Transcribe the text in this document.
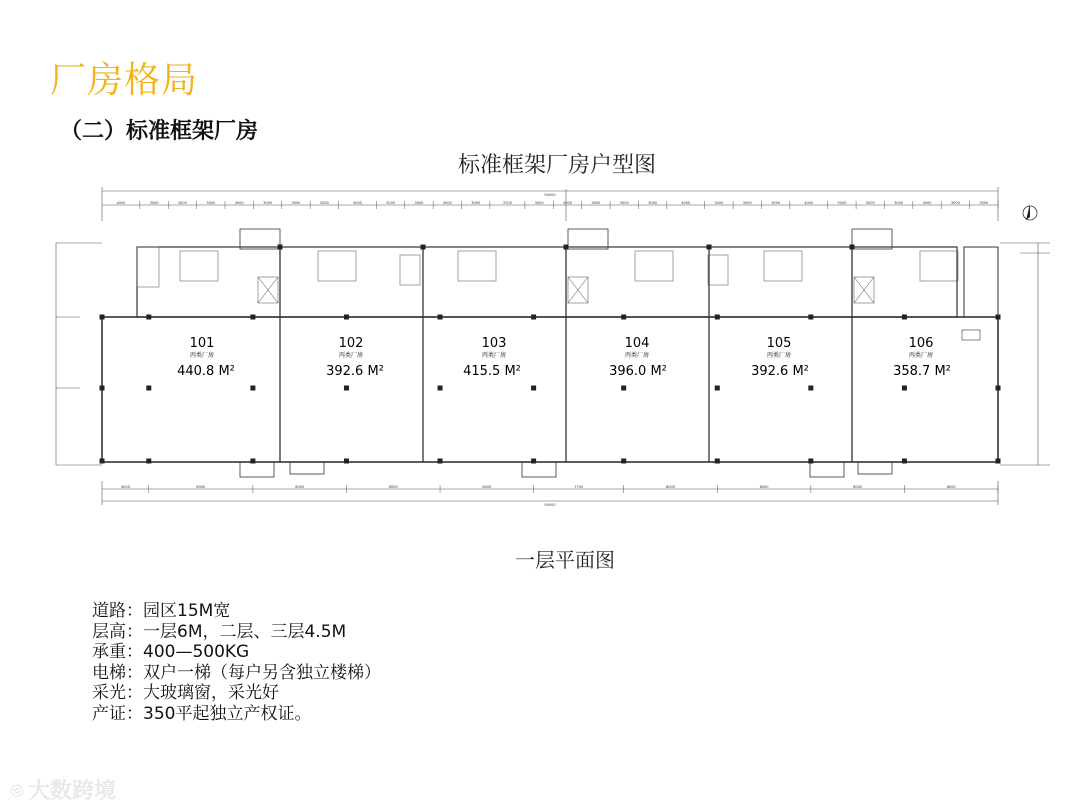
厂房格局
（二）标准框架厂房
标准框架厂房户型图
4000	3000	3000	3000	3000	3000	3000	3000	4000	3000	3000	3000	3000	3700	3000	3000	3000	3000	3000	4000	3000	3000	3000	4000	3000	3000	3000	3000	3000	3000
90000
4000	8900	8000	8000	8000	7700	8000	8000	8000	8000
90000
101
丙类厂房
440.8 M²
102
丙类厂房
392.6 M²
103
丙类厂房
415.5 M²
104
丙类厂房
396.0 M²
105
丙类厂房
392.6 M²
106
丙类厂房
358.7 M²
一层平面图
道路：园区15M宽
层高：一层6M，二层、三层4.5M
承重：400—500KG
电梯：双户一梯（每户另含独立楼梯）
采光：大玻璃窗，采光好
产证：350平起独立产权证。
◎ 大数跨境
